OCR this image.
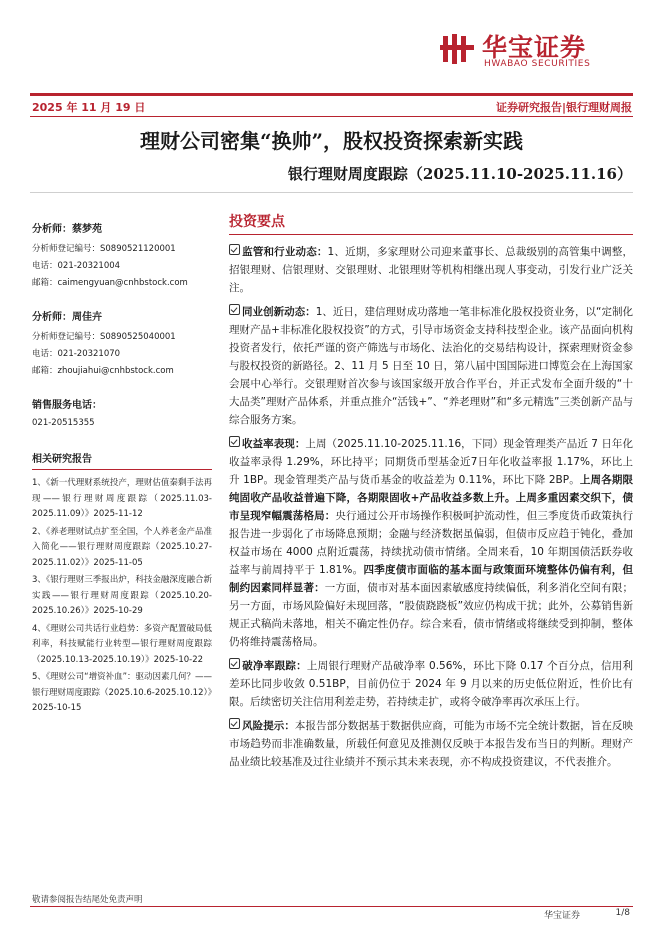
华宝证券
HWABAO SECURITIES
2025 年 11 月 19 日	证券研究报告|银行理财周报
理财公司密集“换帅”，股权投资探索新实践
银行理财周度跟踪（2025.11.10-2025.11.16）
分析师：蔡梦苑
分析师登记编号：S0890521120001
电话：021-20321004
邮箱：caimengyuan@cnhbstock.com
分析师：周佳卉
分析师登记编号：S0890525040001
电话：021-20321070
邮箱：zhoujiahui@cnhbstock.com
销售服务电话：
021-20515355
相关研究报告
1、《新一代理财系统投产，理财估值秦剩手法再现——银行理财周度跟踪（2025.11.03-2025.11.09）》2025-11-12
2、《养老理财试点扩至全国，个人养老金产品准入简化——银行理财周度跟踪（2025.10.27-2025.11.02）》2025-11-05
3、《银行理财三季报出炉，科技金融深度融合新实践——银行理财周度跟踪（2025.10.20-2025.10.26）》2025-10-29
4、《理财公司共话行业趋势：多资产配置破局低利率，科技赋能行业转型—银行理财周度跟踪（2025.10.13-2025.10.19）》2025-10-22
5、《理财公司“增资补血”：驱动因素几何？——银行理财周度跟踪（2025.10.6-2025.10.12）》2025-10-15
投资要点

监管和行业动态：1、近期，多家理财公司迎来董事长、总裁级别的高管集中调整，招银理财、信银理财、交银理财、北银理财等机构相继出现人事变动，引发行业广泛关注。

同业创新动态：1、近日，建信理财成功落地一笔非标准化股权投资业务，以“定制化理财产品+非标准化股权投资”的方式，引导市场资金支持科技型企业。该产品面向机构投资者发行，依托严谨的资产筛选与市场化、法治化的交易结构设计，探索理财资金参与股权投资的新路径。2、11 月 5 日至 10 日，第八届中国国际进口博览会在上海国家会展中心举行。交银理财首次参与该国家级开放合作平台，并正式发布全面升级的“十大品类”理财产品体系，并重点推介“活钱+”、“养老理财”和“多元精选”三类创新产品与综合服务方案。

收益率表现：上周（2025.11.10-2025.11.16，下同）现金管理类产品近 7 日年化收益率录得 1.29%，环比持平；同期货币型基金近7日年化收益率报 1.17%，环比上升 1BP。现金管理类产品与货币基金的收益差为 0.11%，环比下降 2BP。上周各期限纯固收产品收益普遍下降，各期限固收+产品收益多数上升。上周多重因素交织下，债市呈现窄幅震荡格局：央行通过公开市场操作积极呵护流动性，但三季度货币政策执行报告进一步弱化了市场降息预期；金融与经济数据虽偏弱，但债市反应趋于钝化，叠加权益市场在 4000 点附近震荡，持续扰动债市情绪。全周来看，10 年期国债活跃券收益率与前周持平于 1.81%。四季度债市面临的基本面与政策面环境整体仍偏有利，但制约因素同样显著：一方面，债市对基本面因素敏感度持续偏低，利多消化空间有限；另一方面，市场风险偏好未现回落，“股债跷跷板”效应仍构成干扰；此外，公募销售新规正式稿尚未落地，相关不确定性仍存。综合来看，债市情绪或将继续受到抑制，整体仍将维持震荡格局。

破净率跟踪：上周银行理财产品破净率 0.56%，环比下降 0.17 个百分点，信用利差环比同步收敛 0.51BP，目前仍位于 2024 年 9 月以来的历史低位附近，性价比有限。后续密切关注信用利差走势，若持续走扩，或将令破净率再次承压上行。

风险提示：本报告部分数据基于数据供应商，可能为市场不完全统计数据，旨在反映市场趋势而非准确数量，所载任何意见及推测仅反映于本报告发布当日的判断。理财产品业绩比较基准及过往业绩并不预示其未来表现，亦不构成投资建议，不代表推介。

敬请参阅报告结尾处免责声明
华宝证券	1/8
